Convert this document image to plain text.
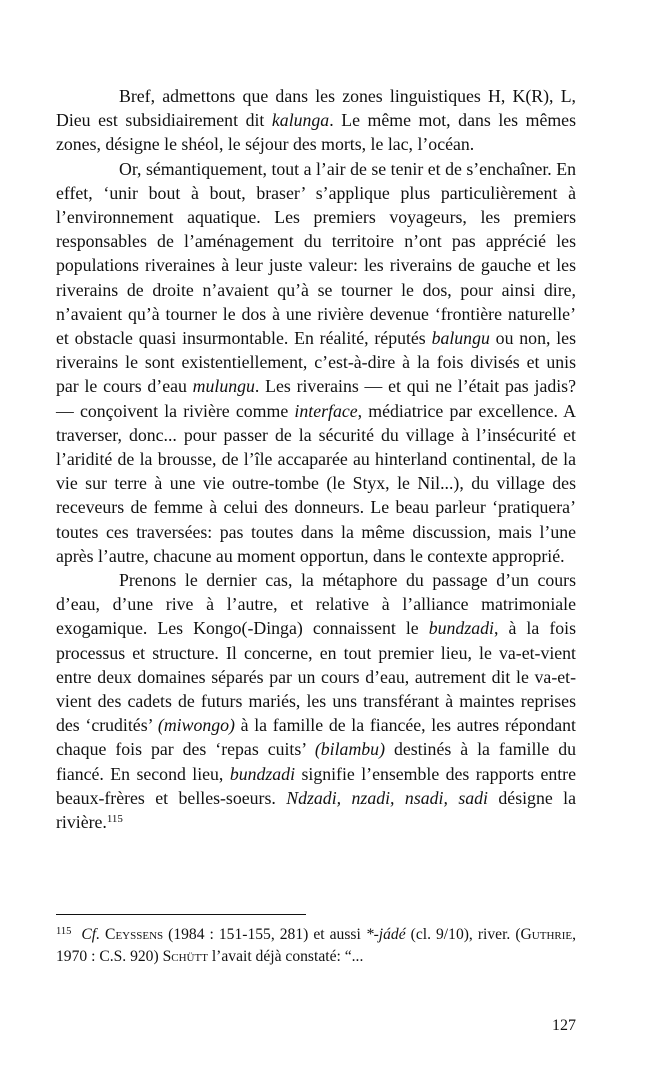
Bref, admettons que dans les zones linguistiques H, K(R), L, Dieu est subsidiairement dit kalunga. Le même mot, dans les mêmes zones, désigne le shéol, le séjour des morts, le lac, l’océan.

Or, sémantiquement, tout a l’air de se tenir et de s’enchaîner. En effet, ‘unir bout à bout, braser’ s’applique plus particulièrement à l’environnement aquatique. Les premiers voyageurs, les premiers responsables de l’aménagement du territoire n’ont pas apprécié les populations riveraines à leur juste valeur: les riverains de gauche et les riverains de droite n’avaient qu’à se tourner le dos, pour ainsi dire, n’avaient qu’à tourner le dos à une rivière devenue ‘frontière naturelle’ et obstacle quasi insurmontable. En réalité, réputés balungu ou non, les riverains le sont existentiellement, c’est-à-dire à la fois divisés et unis par le cours d’eau mulungu. Les riverains — et qui ne l’était pas jadis? — conçoivent la rivière comme interface, médiatrice par excellence. A traverser, donc... pour passer de la sécurité du village à l’insécurité et l’aridité de la brousse, de l’île accaparée au hinterland continental, de la vie sur terre à une vie outre-tombe (le Styx, le Nil...), du village des receveurs de femme à celui des donneurs. Le beau parleur ‘pratiquera’ toutes ces traversées: pas toutes dans la même discussion, mais l’une après l’autre, chacune au moment opportun, dans le contexte approprié.

Prenons le dernier cas, la métaphore du passage d’un cours d’eau, d’une rive à l’autre, et relative à l’alliance matrimoniale exogamique. Les Kongo(-Dinga) connaissent le bundzadi, à la fois processus et structure. Il concerne, en tout premier lieu, le va-et-vient entre deux domaines séparés par un cours d’eau, autrement dit le va-et-vient des cadets de futurs mariés, les uns transférant à maintes reprises des ‘crudités’ (miwongo) à la famille de la fiancée, les autres répondant chaque fois par des ‘repas cuits’ (bilambu) destinés à la famille du fiancé. En second lieu, bundzadi signifie l’ensemble des rapports entre beaux-frères et belles-soeurs. Ndzadi, nzadi, nsadi, sadi désigne la rivière.$^{115}$

$^{115}$ Cf. Ceyssens (1984 : 151-155, 281) et aussi *-jádé (cl. 9/10), river. (Guthrie, 1970 : C.S. 920) Schütt l’avait déjà constaté: “...

127
